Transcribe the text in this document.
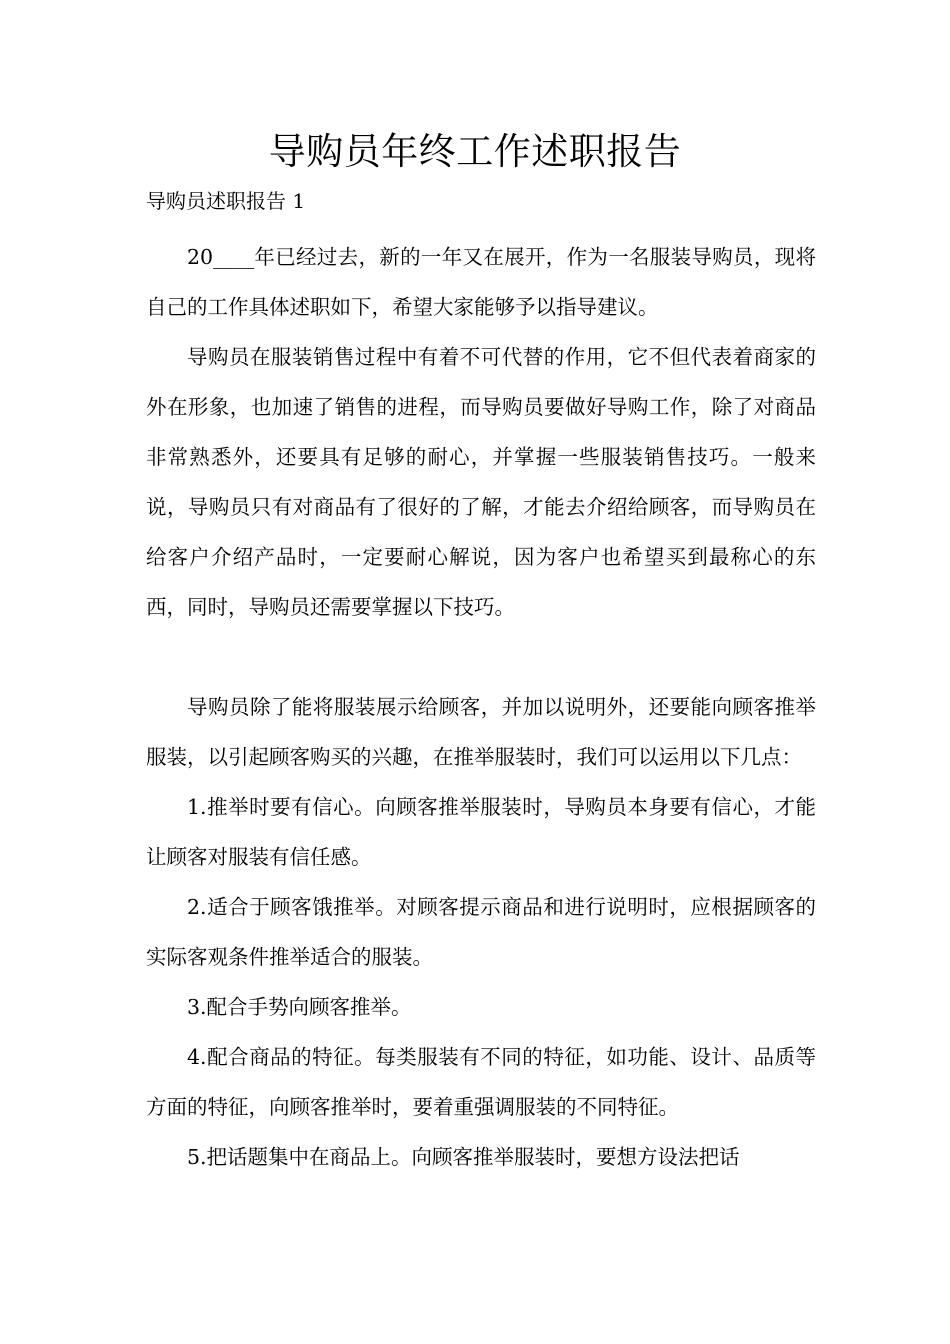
导购员年终工作述职报告
导购员述职报告 1

20____年已经过去，新的一年又在展开，作为一名服装导购员，现将自己的工作具体述职如下，希望大家能够予以指导建议。

导购员在服装销售过程中有着不可代替的作用，它不但代表着商家的外在形象，也加速了销售的进程，而导购员要做好导购工作，除了对商品非常熟悉外，还要具有足够的耐心，并掌握一些服装销售技巧。一般来说，导购员只有对商品有了很好的了解，才能去介绍给顾客，而导购员在给客户介绍产品时，一定要耐心解说，因为客户也希望买到最称心的东西，同时，导购员还需要掌握以下技巧。

导购员除了能将服装展示给顾客，并加以说明外，还要能向顾客推举服装，以引起顾客购买的兴趣，在推举服装时，我们可以运用以下几点：

1.推举时要有信心。向顾客推举服装时，导购员本身要有信心，才能让顾客对服装有信任感。

2.适合于顾客饿推举。对顾客提示商品和进行说明时，应根据顾客的实际客观条件推举适合的服装。

3.配合手势向顾客推举。

4.配合商品的特征。每类服装有不同的特征，如功能、设计、品质等方面的特征，向顾客推举时，要着重强调服装的不同特征。

5.把话题集中在商品上。向顾客推举服装时，要想方设法把话
